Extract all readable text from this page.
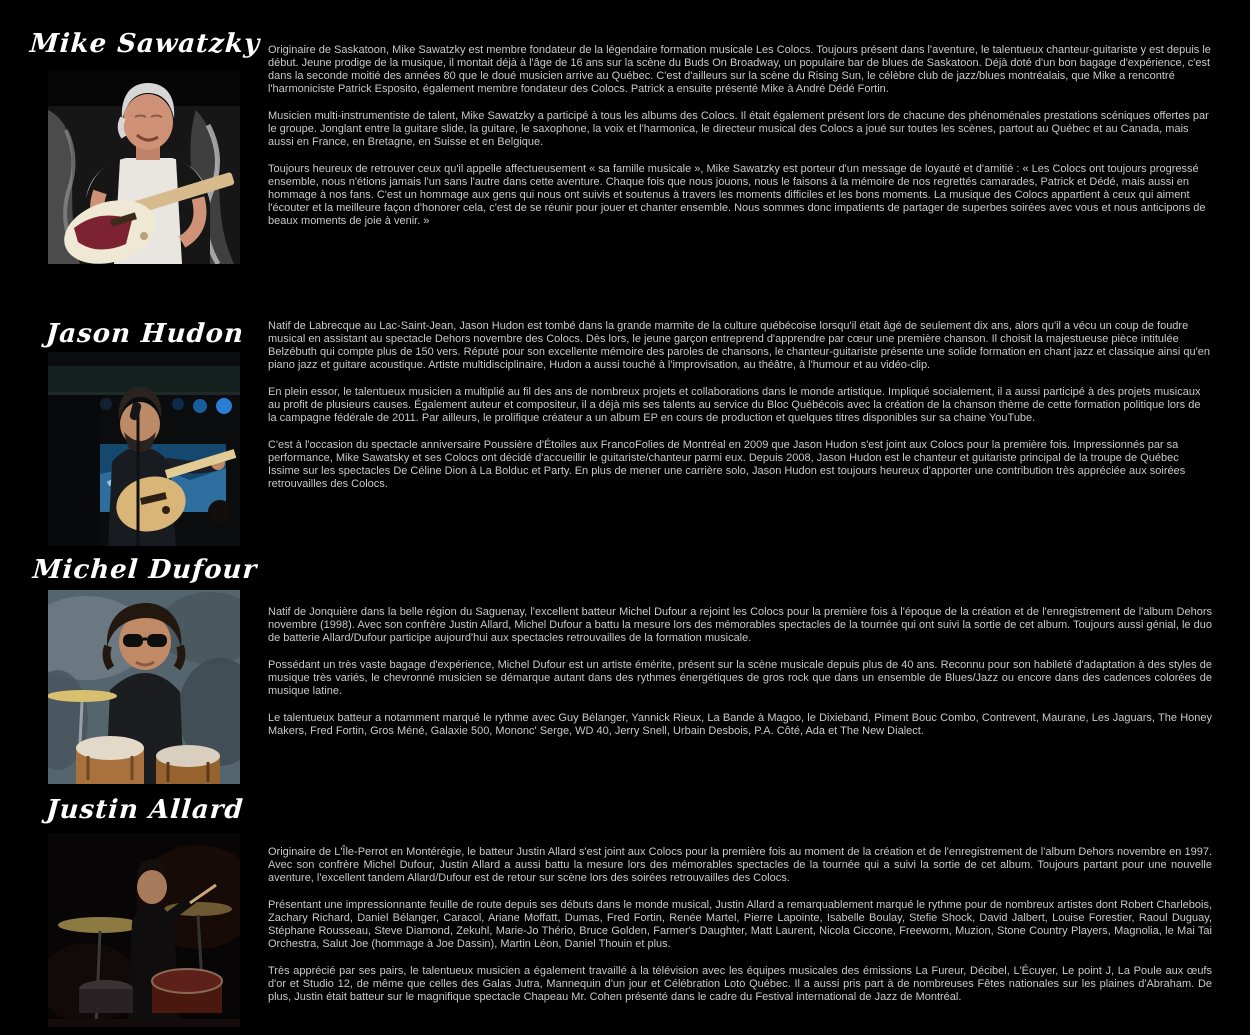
Mike Sawatzky Originaire de Saskatoon, Mike Sawatzky est membre fondateur de la légendaire formation musicale Les Colocs. Toujours présent dans l'aventure, le talentueux chanteur-guitariste y est depuis le début. Jeune prodige de la musique, il montait déjà à l'âge de 16 ans sur la scène du Buds On Broadway, un populaire bar de blues de Saskatoon. Déjà doté d'un bon bagage d'expérience, c'est dans la seconde moitié des années 80 que le doué musicien arrive au Québec. C'est d'ailleurs sur la scène du Rising Sun, le célèbre club de jazz/blues montréalais, que Mike a rencontré l'harmoniciste Patrick Esposito, également membre fondateur des Colocs. Patrick a ensuite présenté Mike à André Dédé Fortin.

Musicien multi-instrumentiste de talent, Mike Sawatzky a participé à tous les albums des Colocs. Il était également présent lors de chacune des phénoménales prestations scéniques offertes par le groupe. Jonglant entre la guitare slide, la guitare, le saxophone, la voix et l'harmonica, le directeur musical des Colocs a joué sur toutes les scènes, partout au Québec et au Canada, mais aussi en France, en Bretagne, en Suisse et en Belgique.

Toujours heureux de retrouver ceux qu'il appelle affectueusement « sa famille musicale », Mike Sawatzky est porteur d'un message de loyauté et d'amitié : « Les Colocs ont toujours progressé ensemble, nous n'étions jamais l'un sans l'autre dans cette aventure. Chaque fois que nous jouons, nous le faisons à la mémoire de nos regrettés camarades, Patrick et Dédé, mais aussi en hommage à nos fans. C'est un hommage aux gens qui nous ont suivis et soutenus à travers les moments difficiles et les bons moments. La musique des Colocs appartient à ceux qui aiment l'écouter et la meilleure façon d'honorer cela, c'est de se réunir pour jouer et chanter ensemble. Nous sommes donc impatients de partager de superbes soirées avec vous et nous anticipons de beaux moments de joie à venir. »

Jason Hudon	Natif de Labrecque au Lac-Saint-Jean, Jason Hudon est tombé dans la grande marmite de la culture québécoise lorsqu'il était âgé de seulement dix ans, alors qu'il a vécu un coup de foudre musical en assistant au spectacle Dehors novembre des Colocs. Dès lors, le jeune garçon entreprend d'apprendre par cœur une première chanson. Il choisit la majestueuse pièce intitulée Belzébuth qui compte plus de 150 vers. Réputé pour son excellente mémoire des paroles de chansons, le chanteur-guitariste présente une solide formation en chant jazz et classique ainsi qu'en piano jazz et guitare acoustique. Artiste multidisciplinaire, Hudon a aussi touché à l'improvisation, au théâtre, à l'humour et au vidéo-clip.

En plein essor, le talentueux musicien a multiplié au fil des ans de nombreux projets et collaborations dans le monde artistique. Impliqué socialement, il a aussi participé à des projets musicaux au profit de plusieurs causes. Également auteur et compositeur, il a déjà mis ses talents au service du Bloc Québécois avec la création de la chanson thème de cette formation politique lors de la campagne fédérale de 2011. Par ailleurs, le prolifique créateur a un album EP en cours de production et quelques titres disponibles sur sa chaine YouTube.

C'est à l'occasion du spectacle anniversaire Poussière d'Étoiles aux FrancoFolies de Montréal en 2009 que Jason Hudon s'est joint aux Colocs pour la première fois. Impressionnés par sa performance, Mike Sawatsky et ses Colocs ont décidé d'accueillir le guitariste/chanteur parmi eux. Depuis 2008, Jason Hudon est le chanteur et guitariste principal de la troupe de Québec Issime sur les spectacles De Céline Dion à La Bolduc et Party. En plus de mener une carrière solo, Jason Hudon est toujours heureux d'apporter une contribution très appréciée aux soirées retrouvailles des Colocs.

Michel Dufour

Natif de Jonquière dans la belle région du Saguenay, l'excellent batteur Michel Dufour a rejoint les Colocs pour la première fois à l'époque de la création et de l'enregistrement de l'album Dehors novembre (1998). Avec son confrère Justin Allard, Michel Dufour a battu la mesure lors des mémorables spectacles de la tournée qui ont suivi la sortie de cet album. Toujours aussi génial, le duo de batterie Allard/Dufour participe aujourd'hui aux spectacles retrouvailles de la formation musicale.

Possédant un très vaste bagage d'expérience, Michel Dufour est un artiste émérite, présent sur la scène musicale depuis plus de 40 ans. Reconnu pour son habileté d'adaptation à des styles de musique très variés, le chevronné musicien se démarque autant dans des rythmes énergétiques de gros rock que dans un ensemble de Blues/Jazz ou encore dans des cadences colorées de musique latine.

Le talentueux batteur a notamment marqué le rythme avec Guy Bélanger, Yannick Rieux, La Bande à Magoo, le Dixieband, Piment Bouc Combo, Contrevent, Maurane, Les Jaguars, The Honey Makers, Fred Fortin, Gros Méné, Galaxie 500, Mononc' Serge, WD 40, Jerry Snell, Urbain Desbois, P.A. Côté, Ada et The New Dialect.

Justin Allard

Originaire de L'Île-Perrot en Montérégie, le batteur Justin Allard s'est joint aux Colocs pour la première fois au moment de la création et de l'enregistrement de l'album Dehors novembre en 1997. Avec son confrère Michel Dufour, Justin Allard a aussi battu la mesure lors des mémorables spectacles de la tournée qui a suivi la sortie de cet album. Toujours partant pour une nouvelle aventure, l'excellent tandem Allard/Dufour est de retour sur scène lors des soirées retrouvailles des Colocs.

Présentant une impressionnante feuille de route depuis ses débuts dans le monde musical, Justin Allard a remarquablement marqué le rythme pour de nombreux artistes dont Robert Charlebois, Zachary Richard, Daniel Bélanger, Caracol, Ariane Moffatt, Dumas, Fred Fortin, Renée Martel, Pierre Lapointe, Isabelle Boulay, Stefie Shock, David Jalbert, Louise Forestier, Raoul Duguay, Stéphane Rousseau, Steve Diamond, Zekuhl, Marie-Jo Thério, Bruce Golden, Farmer's Daughter, Matt Laurent, Nicola Ciccone, Freeworm, Muzion, Stone Country Players, Magnolia, le Mai Tai Orchestra, Salut Joe (hommage à Joe Dassin), Martin Léon, Daniel Thouin et plus.

Très apprécié par ses pairs, le talentueux musicien a également travaillé à la télévision avec les équipes musicales des émissions La Fureur, Décibel, L'Écuyer, Le point J, La Poule aux œufs d'or et Studio 12, de même que celles des Galas Jutra, Mannequin d'un jour et Célébration Loto Québec. Il a aussi pris part à de nombreuses Fêtes nationales sur les plaines d'Abraham. De plus, Justin était batteur sur le magnifique spectacle Chapeau Mr. Cohen présenté dans le cadre du Festival international de Jazz de Montréal.
